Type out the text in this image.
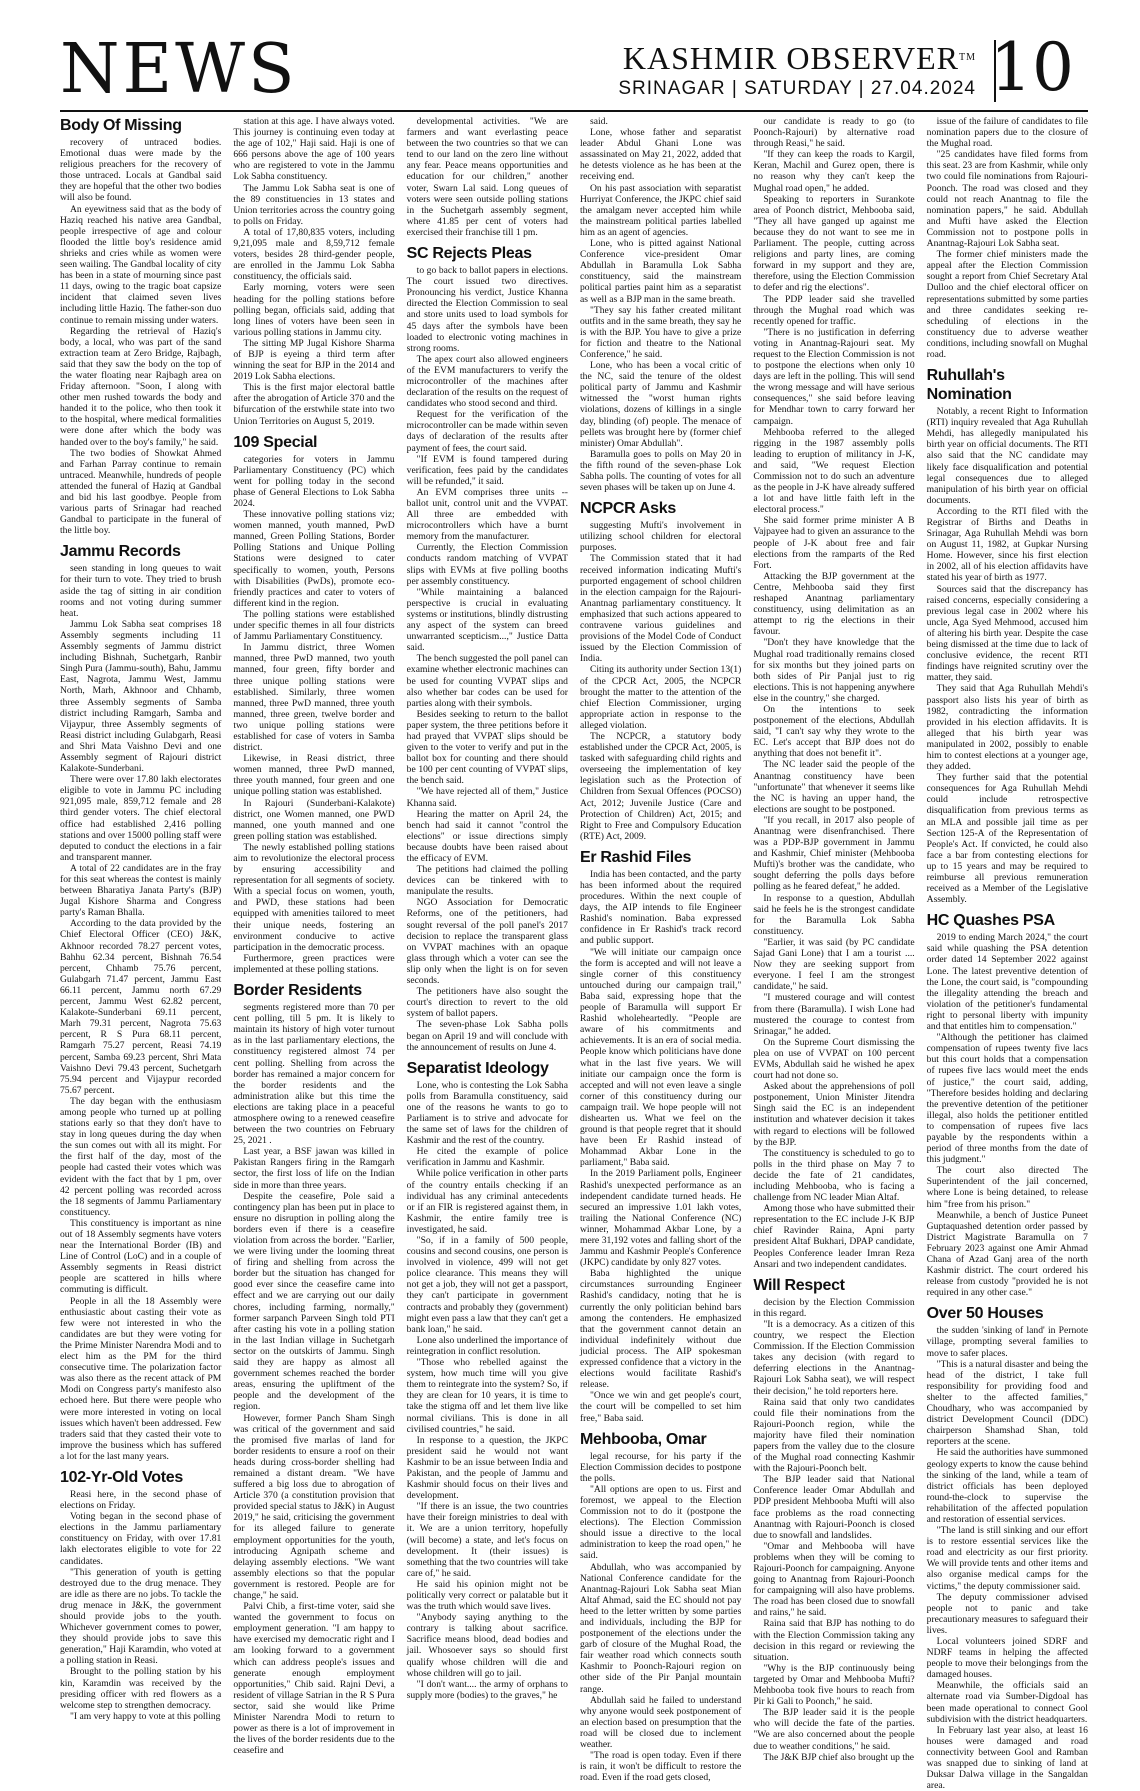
NEWS	KASHMIR OBSERVER™
SRINAGAR | SATURDAY | 27.04.2024 10
Body Of Missing

recovery of untraced bodies. Emotional duas were made by the religious preachers for the recovery of those untraced. Locals at Gandbal said they are hopeful that the other two bodies will also be found.

An eyewitness said that as the body of Haziq reached his native area Gandbal, people irrespective of age and colour flooded the little boy's residence amid shrieks and cries while as women were seen wailing. The Gandbal locality of city has been in a state of mourning since past 11 days, owing to the tragic boat capsize incident that claimed seven lives including little Haziq. The father-son duo continue to remain missing under waters.

Regarding the retrieval of Haziq's body, a local, who was part of the sand extraction team at Zero Bridge, Rajbagh, said that they saw the body on the top of the water floating near Rajbagh area on Friday afternoon. "Soon, I along with other men rushed towards the body and handed it to the police, who then took it to the hospital, where medical formalities were done after which the body was handed over to the boy's family," he said.

The two bodies of Showkat Ahmed and Farhan Parray continue to remain untraced. Meanwhile, hundreds of people attended the funeral of Haziq at Gandbal and bid his last goodbye. People from various parts of Srinagar had reached Gandbal to participate in the funeral of the little boy.

Jammu Records

seen standing in long queues to wait for their turn to vote. They tried to brush aside the tag of sitting in air condition rooms and not voting during summer heat.

Jammu Lok Sabha seat comprises 18 Assembly segments including 11 Assembly segments of Jammu district including Bishnah, Suchetgarh, Ranbir Singh Pura (Jammu-south), Bahu, Jammu East, Nagrota, Jammu West, Jammu North, Marh, Akhnoor and Chhamb, three Assembly segments of Samba district including Ramgarh, Samba and Vijaypur, three Assembly segments of Reasi district including Gulabgarh, Reasi and Shri Mata Vaishno Devi and one Assembly segment of Rajouri district Kalakote-Sunderbani.

There were over 17.80 lakh electorates eligible to vote in Jammu PC including 921,095 male, 859,712 female and 28 third gender voters. The chief electoral office had established 2,416 polling stations and over 15000 polling staff were deputed to conduct the elections in a fair and transparent manner.

A total of 22 candidates are in the fray for this seat whereas the contest is mainly between Bharatiya Janata Party's (BJP) Jugal Kishore Sharma and Congress party's Raman Bhalla.

According to the data provided by the Chief Electoral Officer (CEO) J&K, Akhnoor recorded 78.27 percent votes, Bahhu 62.34 percent, Bishnah 76.54 percent, Chhamb 75.76 percent, Gulabgarh 71.47 percent, Jammu East 66.11 percent, Jammu north 67.29 percent, Jammu West 62.82 percent, Kalakote-Sunderbani 69.11 percent, Marh 79.31 percent, Nagrota 75.63 percent, R S Pura 68.11 percent, Ramgarh 75.27 percent, Reasi 74.19 percent, Samba 69.23 percent, Shri Mata Vaishno Devi 79.43 percent, Suchetgarh 75.94 percent and Vijaypur recorded 75.67 percent.

The day began with the enthusiasm among people who turned up at polling stations early so that they don't have to stay in long queues during the day when the sun comes out with all its might. For the first half of the day, most of the people had casted their votes which was evident with the fact that by 1 pm, over 42 percent polling was recorded across the 18 segments of Jammu Parliamentary constituency.

This constituency is important as nine out of 18 Assembly segments have voters near the International Border (IB) and Line of Control (LoC) and in a couple of Assembly segments in Reasi district people are scattered in hills where commuting is difficult.

People in all the 18 Assembly were enthusiastic about casting their vote as few were not interested in who the candidates are but they were voting for the Prime Minister Narendra Modi and to elect him as the PM for the third consecutive time. The polarization factor was also there as the recent attack of PM Modi on Congress party's manifesto also echoed here. But there were people who were more interested in voting on local issues which haven't been addressed. Few traders said that they casted their vote to improve the business which has suffered a lot for the last many years.

102-Yr-Old Votes

Reasi here, in the second phase of elections on Friday.

Voting began in the second phase of elections in the Jammu parliamentary constituency on Friday, with over 17.81 lakh electorates eligible to vote for 22 candidates.

"This generation of youth is getting destroyed due to the drug menace. They are idle as there are no jobs. To tackle the drug menace in J&K, the government should provide jobs to the youth. Whichever government comes to power, they should provide jobs to save this generation," Haji Karamdin, who voted at a polling station in Reasi.

Brought to the polling station by his kin, Karamdin was received by the presiding officer with red flowers as a welcome step to strengthen democracy.

"I am very happy to vote at this polling

station at this age. I have always voted. This journey is continuing even today at the age of 102," Haji said. Haji is one of 666 persons above the age of 100 years who are registered to vote in the Jammu Lok Sabha constituency.

The Jammu Lok Sabha seat is one of the 89 constituencies in 13 states and Union territories across the country going to polls on Friday.

A total of 17,80,835 voters, including 9,21,095 male and 8,59,712 female voters, besides 28 third-gender people, are enrolled in the Jammu Lok Sabha constituency, the officials said.

Early morning, voters were seen heading for the polling stations before polling began, officials said, adding that long lines of voters have been seen in various polling stations in Jammu city.

The sitting MP Jugal Kishore Sharma of BJP is eyeing a third term after winning the seat for BJP in the 2014 and 2019 Lok Sabha elections.

This is the first major electoral battle after the abrogation of Article 370 and the bifurcation of the erstwhile state into two Union Territories on August 5, 2019.

109 Special

categories for voters in Jammu Parliamentary Constituency (PC) which went for polling today in the second phase of General Elections to Lok Sabha 2024.

These innovative polling stations viz; women manned, youth manned, PwD manned, Green Polling Stations, Border Polling Stations and Unique Polling Stations were designed to cater specifically to women, youth, Persons with Disabilities (PwDs), promote eco-friendly practices and cater to voters of different kind in the region.

The polling stations were established under specific themes in all four districts of Jammu Parliamentary Constituency.

In Jammu district, three Women manned, three PwD manned, two youth manned, four green, fifty border and three unique polling stations were established. Similarly, three women manned, three PwD manned, three youth manned, three green, twelve border and two unique polling stations were established for case of voters in Samba district.

Likewise, in Reasi district, three women manned, three PwD manned, three youth manned, four green and one unique polling station was established.

In Rajouri (Sunderbani-Kalakote) district, one Women manned, one PWD manned, one youth manned and one green polling station was established.

The newly established polling stations aim to revolutionize the electoral process by ensuring accessibility and representation for all segments of society. With a special focus on women, youth, and PWD, these stations had been equipped with amenities tailored to meet their unique needs, fostering an environment conducive to active participation in the democratic process.

Furthermore, green practices were implemented at these polling stations.

Border Residents

segments registered more than 70 per cent polling, till 5 pm. It is likely to maintain its history of high voter turnout as in the last parliamentary elections, the constituency registered almost 74 per cent polling. Shelling from across the border has remained a major concern for the border residents and the administration alike but this time the elections are taking place in a peaceful atmosphere owing to a renewed ceasefire between the two countries on February 25, 2021 .

Last year, a BSF jawan was killed in Pakistan Rangers firing in the Ramgarh sector, the first loss of life on the Indian side in more than three years.

Despite the ceasefire, Pole said a contingency plan has been put in place to ensure no disruption in polling along the borders even if there is a ceasefire violation from across the border. "Earlier, we were living under the looming threat of firing and shelling from across the border but the situation has changed for good ever since the ceasefire came into effect and we are carrying out our daily chores, including farming, normally," former sarpanch Parveen Singh told PTI after casting his vote in a polling station in the last Indian village in Suchetgarh sector on the outskirts of Jammu. Singh said they are happy as almost all government schemes reached the border areas, ensuring the upliftment of the people and the development of the region.

However, former Panch Sham Singh was critical of the government and said the promised five marlas of land for border residents to ensure a roof on their heads during cross-border shelling had remained a distant dream. "We have suffered a big loss due to abrogation of Article 370 (a constitution provision that provided special status to J&K) in August 2019," he said, criticising the government for its alleged failure to generate employment opportunities for the youth, introducing Agnipath scheme and delaying assembly elections. "We want assembly elections so that the popular government is restored. People are for change," he said.

Palvi Chib, a first-time voter, said she wanted the government to focus on employment generation. "I am happy to have exercised my democratic right and I am looking forward to a government which can address people's issues and generate enough employment opportunities," Chib said. Rajni Devi, a resident of village Satrian in the R S Pura sector, said she would like Prime Minister Narendra Modi to return to power as there is a lot of improvement in the lives of the border residents due to the ceasefire and

developmental activities. "We are farmers and want everlasting peace between the two countries so that we can tend to our land on the zero line without any fear. Peace means opportunities and education for our children," another voter, Swarn Lal said. Long queues of voters were seen outside polling stations in the Suchetgarh assembly segment, where 41.85 per cent of voters had exercised their franchise till 1 pm.

SC Rejects Pleas

to go back to ballot papers in elections. The court issued two directives. Pronouncing his verdict, Justice Khanna directed the Election Commission to seal and store units used to load symbols for 45 days after the symbols have been loaded to electronic voting machines in strong rooms.

The apex court also allowed engineers of the EVM manufacturers to verify the microcontroller of the machines after declaration of the results on the request of candidates who stood second and third.

Request for the verification of the microcontroller can be made within seven days of declaration of the results after payment of fees, the court said.

"If EVM is found tampered during verification, fees paid by the candidates will be refunded," it said.

An EVM comprises three units -- ballot unit, control unit and the VVPAT. All three are embedded with microcontrollers which have a burnt memory from the manufacturer.

Currently, the Election Commission conducts random matching of VVPAT slips with EVMs at five polling booths per assembly constituency.

"While maintaining a balanced perspective is crucial in evaluating systems or institutions, blindly distrusting any aspect of the system can breed unwarranted scepticism...," Justice Datta said.

The bench suggested the poll panel can examine whether electronic machines can be used for counting VVPAT slips and also whether bar codes can be used for parties along with their symbols.

Besides seeking to return to the ballot paper system, the three petitions before it had prayed that VVPAT slips should be given to the voter to verify and put in the ballot box for counting and there should be 100 per cent counting of VVPAT slips, the bench said.

"We have rejected all of them," Justice Khanna said.

Hearing the matter on April 24, the bench had said it cannot "control the elections" or issue directions simply because doubts have been raised about the efficacy of EVM.

The petitions had claimed the polling devices can be tinkered with to manipulate the results.

NGO Association for Democratic Reforms, one of the petitioners, had sought reversal of the poll panel's 2017 decision to replace the transparent glass on VVPAT machines with an opaque glass through which a voter can see the slip only when the light is on for seven seconds.

The petitioners have also sought the court's direction to revert to the old system of ballot papers.

The seven-phase Lok Sabha polls began on April 19 and will conclude with the announcement of results on June 4.

Separatist Ideology

Lone, who is contesting the Lok Sabha polls from Baramulla constituency, said one of the reasons he wants to go to Parliament is to strive and advocate for the same set of laws for the children of Kashmir and the rest of the country.

He cited the example of police verification in Jammu and Kashmir.

While police verification in other parts of the country entails checking if an individual has any criminal antecedents or if an FIR is registered against them, in Kashmir, the entire family tree is investigated, he said.

"So, if in a family of 500 people, cousins and second cousins, one person is involved in violence, 499 will not get police clearance. This means they will not get a job, they will not get a passport, they can't participate in government contracts and probably they (government) might even pass a law that they can't get a bank loan," he said.

Lone also underlined the importance of reintegration in conflict resolution.

"Those who rebelled against the system, how much time will you give them to reintegrate into the system? So, if they are clean for 10 years, it is time to take the stigma off and let them live like normal civilians. This is done in all civilised countries," he said.

In response to a question, the JKPC president said he would not want Kashmir to be an issue between India and Pakistan, and the people of Jammu and Kashmir should focus on their lives and development.

"If there is an issue, the two countries have their foreign ministries to deal with it. We are a union territory, hopefully (will become) a state, and let's focus on development. It (their issues) is something that the two countries will take care of," he said.

He said his opinion might not be politically very correct or palatable but it was the truth which would save lives.

"Anybody saying anything to the contrary is talking about sacrifice. Sacrifice means blood, dead bodies and jail. Whosoever says so should first qualify whose children will die and whose children will go to jail.

"I don't want.... the army of orphans to supply more (bodies) to the graves," he

said.

Lone, whose father and separatist leader Abdul Ghani Lone was assassinated on May 21, 2022, added that he detests violence as he has been at the receiving end.

On his past association with separatist Hurriyat Conference, the JKPC chief said the amalgam never accepted him while the mainstream political parties labelled him as an agent of agencies.

Lone, who is pitted against National Conference vice-president Omar Abdullah in Baramulla Lok Sabha constituency, said the mainstream political parties paint him as a separatist as well as a BJP man in the same breath.

"They say his father created militant outfits and in the same breath, they say he is with the BJP. You have to give a prize for fiction and theatre to the National Conference," he said.

Lone, who has been a vocal critic of the NC, said the tenure of the oldest political party of Jammu and Kashmir witnessed the "worst human rights violations, dozens of killings in a single day, blinding (of) people. The menace of pellets was brought here by (former chief minister) Omar Abdullah".

Baramulla goes to polls on May 20 in the fifth round of the seven-phase Lok Sabha polls. The counting of votes for all seven phases will be taken up on June 4.

NCPCR Asks

suggesting Mufti's involvement in utilizing school children for electoral purposes.

The Commission stated that it had received information indicating Mufti's purported engagement of school children in the election campaign for the Rajouri-Anantnag parliamentary constituency. It emphasized that such actions appeared to contravene various guidelines and provisions of the Model Code of Conduct issued by the Election Commission of India.

Citing its authority under Section 13(1) of the CPCR Act, 2005, the NCPCR brought the matter to the attention of the chief Election Commissioner, urging appropriate action in response to the alleged violation.

The NCPCR, a statutory body established under the CPCR Act, 2005, is tasked with safeguarding child rights and overseeing the implementation of key legislation such as the Protection of Children from Sexual Offences (POCSO) Act, 2012; Juvenile Justice (Care and Protection of Children) Act, 2015; and Right to Free and Compulsory Education (RTE) Act, 2009.

Er Rashid Files

India has been contacted, and the party has been informed about the required procedures. Within the next couple of days, the AIP intends to file Engineer Rashid's nomination. Baba expressed confidence in Er Rashid's track record and public support.

"We will initiate our campaign once the form is accepted and will not leave a single corner of this constituency untouched during our campaign trail," Baba said, expressing hope that the people of Baramulla will support Er Rashid wholeheartedly. "People are aware of his commitments and achievements. It is an era of social media. People know which politicians have done what in the last five years. We will initiate our campaign once the form is accepted and will not even leave a single corner of this constituency during our campaign trail. We hope people will not dishearten us. What we feel on the ground is that people regret that it should have been Er Rashid instead of Mohammad Akbar Lone in the parliament," Baba said.

In the 2019 Parliament polls, Engineer Rashid's unexpected performance as an independent candidate turned heads. He secured an impressive 1.01 lakh votes, trailing the National Conference (NC) winner, Mohammad Akbar Lone, by a mere 31,192 votes and falling short of the Jammu and Kashmir People's Conference (JKPC) candidate by only 827 votes.

Baba highlighted the unique circumstances surrounding Engineer Rashid's candidacy, noting that he is currently the only politician behind bars among the contenders. He emphasized that the government cannot detain an individual indefinitely without due judicial process. The AIP spokesman expressed confidence that a victory in the elections would facilitate Rashid's release.

"Once we win and get people's court, the court will be compelled to set him free," Baba said.

Mehbooba, Omar

legal recourse, for his party if the Election Commission decides to postpone the polls.

"All options are open to us. First and foremost, we appeal to the Election Commission not to do it (postpone the elections). The Election Commission should issue a directive to the local administration to keep the road open," he said.

Abdullah, who was accompanied by National Conference candidate for the Anantnag-Rajouri Lok Sabha seat Mian Altaf Ahmad, said the EC should not pay heed to the letter written by some parties and individuals, including the BJP for postponement of the elections under the garb of closure of the Mughal Road, the fair weather road which connects south Kashmir to Poonch-Rajouri region on other side of the Pir Panjal mountain range.

Abdullah said he failed to understand why anyone would seek postponement of an election based on presumption that the road will be closed due to inclement weather.

"The road is open today. Even if there is rain, it won't be difficult to restore the road. Even if the road gets closed,

our candidate is ready to go (to Poonch-Rajouri) by alternative road through Reasi," he said.

"If they can keep the roads to Kargil, Keran, Machil and Gurez open, there is no reason why they can't keep the Mughal road open," he added.

Speaking to reporters in Surankote area of Poonch district, Mehbooba said, "They all have ganged up against me because they do not want to see me in Parliament. The people, cutting across religions and party lines, are coming forward in my support and they are, therefore, using the Election Commission to defer and rig the elections".

The PDP leader said she travelled through the Mughal road which was recently opened for traffic.

"There is no justification in deferring voting in Anantnag-Rajouri seat. My request to the Election Commission is not to postpone the elections when only 10 days are left in the polling. This will send the wrong message and will have serious consequences," she said before leaving for Mendhar town to carry forward her campaign.

Mehbooba referred to the alleged rigging in the 1987 assembly polls leading to eruption of militancy in J-K, and said, "We request Election Commission not to do such an adventure as the people in J-K have already suffered a lot and have little faith left in the electoral process."

She said former prime minister A B Vajpayee had to given an assurance to the people of J-K about free and fair elections from the ramparts of the Red Fort.

Attacking the BJP government at the Centre, Mehbooba said they first reshaped Anantnag parliamentary constituency, using delimitation as an attempt to rig the elections in their favour.

"Don't they have knowledge that the Mughal road traditionally remains closed for six months but they joined parts on both sides of Pir Panjal just to rig elections. This is not happening anywhere else in the country," she charged.

On the intentions to seek postponement of the elections, Abdullah said, "I can't say why they wrote to the EC. Let's accept that BJP does not do anything that does not benefit it".

The NC leader said the people of the Anantnag constituency have been "unfortunate" that whenever it seems like the NC is having an upper hand, the elections are sought to be postponed.

"If you recall, in 2017 also people of Anantnag were disenfranchised. There was a PDP-BJP government in Jammu and Kashmir, Chief minister (Mehbooba Mufti)'s brother was the candidate, who sought deferring the polls days before polling as he feared defeat," he added.

In response to a question, Abdullah said he feels he is the strongest candidate for the Baramulla Lok Sabha constituency.

"Earlier, it was said (by PC candidate Sajad Gani Lone) that I am a tourist .... Now they are seeking support from everyone. I feel I am the strongest candidate," he said.

"I mustered courage and will contest from there (Baramulla). I wish Lone had mustered the courage to contest from Srinagar," he added.

On the Supreme Court dismissing the plea on use of VVPAT on 100 percent EVMs, Abdullah said he wished he apex court had not done so.

Asked about the apprehensions of poll postponement, Union Minister Jitendra Singh said the EC is an independent institution and whatever decision it takes with regard to elections will be followed by the BJP.

The constituency is scheduled to go to polls in the third phase on May 7 to decide the fate of 21 candidates, including Mehbooba, who is facing a challenge from NC leader Mian Altaf.

Among those who have submitted their representation to the EC include J-K BJP chief Ravinder Raina, Apni party president Altaf Bukhari, DPAP candidate, Peoples Conference leader Imran Reza Ansari and two independent candidates.

Will Respect

decision by the Election Commission in this regard.

"It is a democracy. As a citizen of this country, we respect the Election Commission. If the Election Commission takes any decision (with regard to deferring elections in the Anantnag-Rajouri Lok Sabha seat), we will respect their decision," he told reporters here.

Raina said that only two candidates could file their nominations from the Rajouri-Poonch region, while the majority have filed their nomination papers from the valley due to the closure of the Mughal road connecting Kashmir with the Rajouri-Poonch belt.

The BJP leader said that National Conference leader Omar Abdullah and PDP president Mehbooba Mufti will also face problems as the road connecting Anantnag with Rajouri-Poonch is closed due to snowfall and landslides.

"Omar and Mehbooba will have problems when they will be coming to Rajouri-Poonch for campaigning. Anyone going to Anantnag from Rajouri-Poonch for campaigning will also have problems. The road has been closed due to snowfall and rains," he said.

Raina said that BJP has nothing to do with the Election Commission taking any decision in this regard or reviewing the situation.

"Why is the BJP continuously being targeted by Omar and Mehbooba Mufti? Mehbooba took five hours to reach from Pir ki Gali to Poonch," he said.

The BJP leader said it is the people who will decide the fate of the parties. "We are also concerned about the people due to weather conditions," he said.

The J&K BJP chief also brought up the

issue of the failure of candidates to file nomination papers due to the closure of the Mughal road.

"25 candidates have filed forms from this seat. 23 are from Kashmir, while only two could file nominations from Rajouri-Poonch. The road was closed and they could not reach Anantnag to file the nomination papers," he said. Abdullah and Mufti have asked the Election Commission not to postpone polls in Anantnag-Rajouri Lok Sabha seat.

The former chief ministers made the appeal after the Election Commission sought a report from Chief Secretary Atal Dulloo and the chief electoral officer on representations submitted by some parties and three candidates seeking re-scheduling of elections in the constituency due to adverse weather conditions, including snowfall on Mughal road.

Ruhullah's Nomination

Notably, a recent Right to Information (RTI) inquiry revealed that Aga Ruhullah Mehdi, has allegedly manipulated his birth year on official documents. The RTI also said that the NC candidate may likely face disqualification and potential legal consequences due to alleged manipulation of his birth year on official documents.

According to the RTI filed with the Registrar of Births and Deaths in Srinagar, Aga Ruhullah Mehdi was born on August 11, 1982, at Gupkar Nursing Home. However, since his first election in 2002, all of his election affidavits have stated his year of birth as 1977.

Sources said that the discrepancy has raised concerns, especially considering a previous legal case in 2002 where his uncle, Aga Syed Mehmood, accused him of altering his birth year. Despite the case being dismissed at the time due to lack of conclusive evidence, the recent RTI findings have reignited scrutiny over the matter, they said.

They said that Aga Ruhullah Mehdi's passport also lists his year of birth as 1982, contradicting the information provided in his election affidavits. It is alleged that his birth year was manipulated in 2002, possibly to enable him to contest elections at a younger age, they added.

They further said that the potential consequences for Aga Ruhullah Mehdi could include retrospective disqualification from previous terms as an MLA and possible jail time as per Section 125-A of the Representation of People's Act. If convicted, he could also face a bar from contesting elections for up to 15 years and may be required to reimburse all previous remuneration received as a Member of the Legislative Assembly.

HC Quashes PSA

2019 to ending March 2024," the court said while quashing the PSA detention order dated 14 September 2022 against Lone. The latest preventive detention of the Lone, the court said, is "compounding the illegality attending the breach and violation of the petitioner's fundamental right to personal liberty with impunity and that entitles him to compensation."

"Although the petitioner has claimed compensation of rupees twenty five lacs but this court holds that a compensation of rupees five lacs would meet the ends of justice," the court said, adding, "Therefore besides holding and declaring the preventive detention of the petitioner illegal, also holds the petitioner entitled to compensation of rupees five lacs payable by the respondents within a period of three months from the date of this judgment."

The court also directed The Superintendent of the jail concerned, where Lone is being detained, to release him "free from his prison."

Meanwhile, a bench of Justice Puneet Guptaquashed detention order passed by District Magistrate Baramulla on 7 February 2023 against one Amir Ahmad Chana of Azad Ganj area of the north Kashmir district. The court ordered his release from custody "provided he is not required in any other case."

Over 50 Houses

the sudden 'sinking of land' in Pernote village, prompting several families to move to safer places.

"This is a natural disaster and being the head of the district, I take full responsibility for providing food and shelter to the affected families," Choudhary, who was accompanied by district Development Council (DDC) chairperson Shamshad Shan, told reporters at the scene.

He said the authorities have summoned geology experts to know the cause behind the sinking of the land, while a team of district officials has been deployed round-the-clock to supervise the rehabilitation of the affected population and restoration of essential services.

"The land is still sinking and our effort is to restore essential services like the road and electricity as our first priority. We will provide tents and other items and also organise medical camps for the victims," the deputy commissioner said.

The deputy commissioner advised people not to panic and take precautionary measures to safeguard their lives.

Local volunteers joined SDRF and NDRF teams in helping the affected people to move their belongings from the damaged houses.

Meanwhile, the officials said an alternate road via Sumber-Digdoal has been made operational to connect Gool subdivision with the district headquarters.

In February last year also, at least 16 houses were damaged and road connectivity between Gool and Ramban was snapped due to sinking of land at Duksar Dalwa village in the Sangaldan area.
